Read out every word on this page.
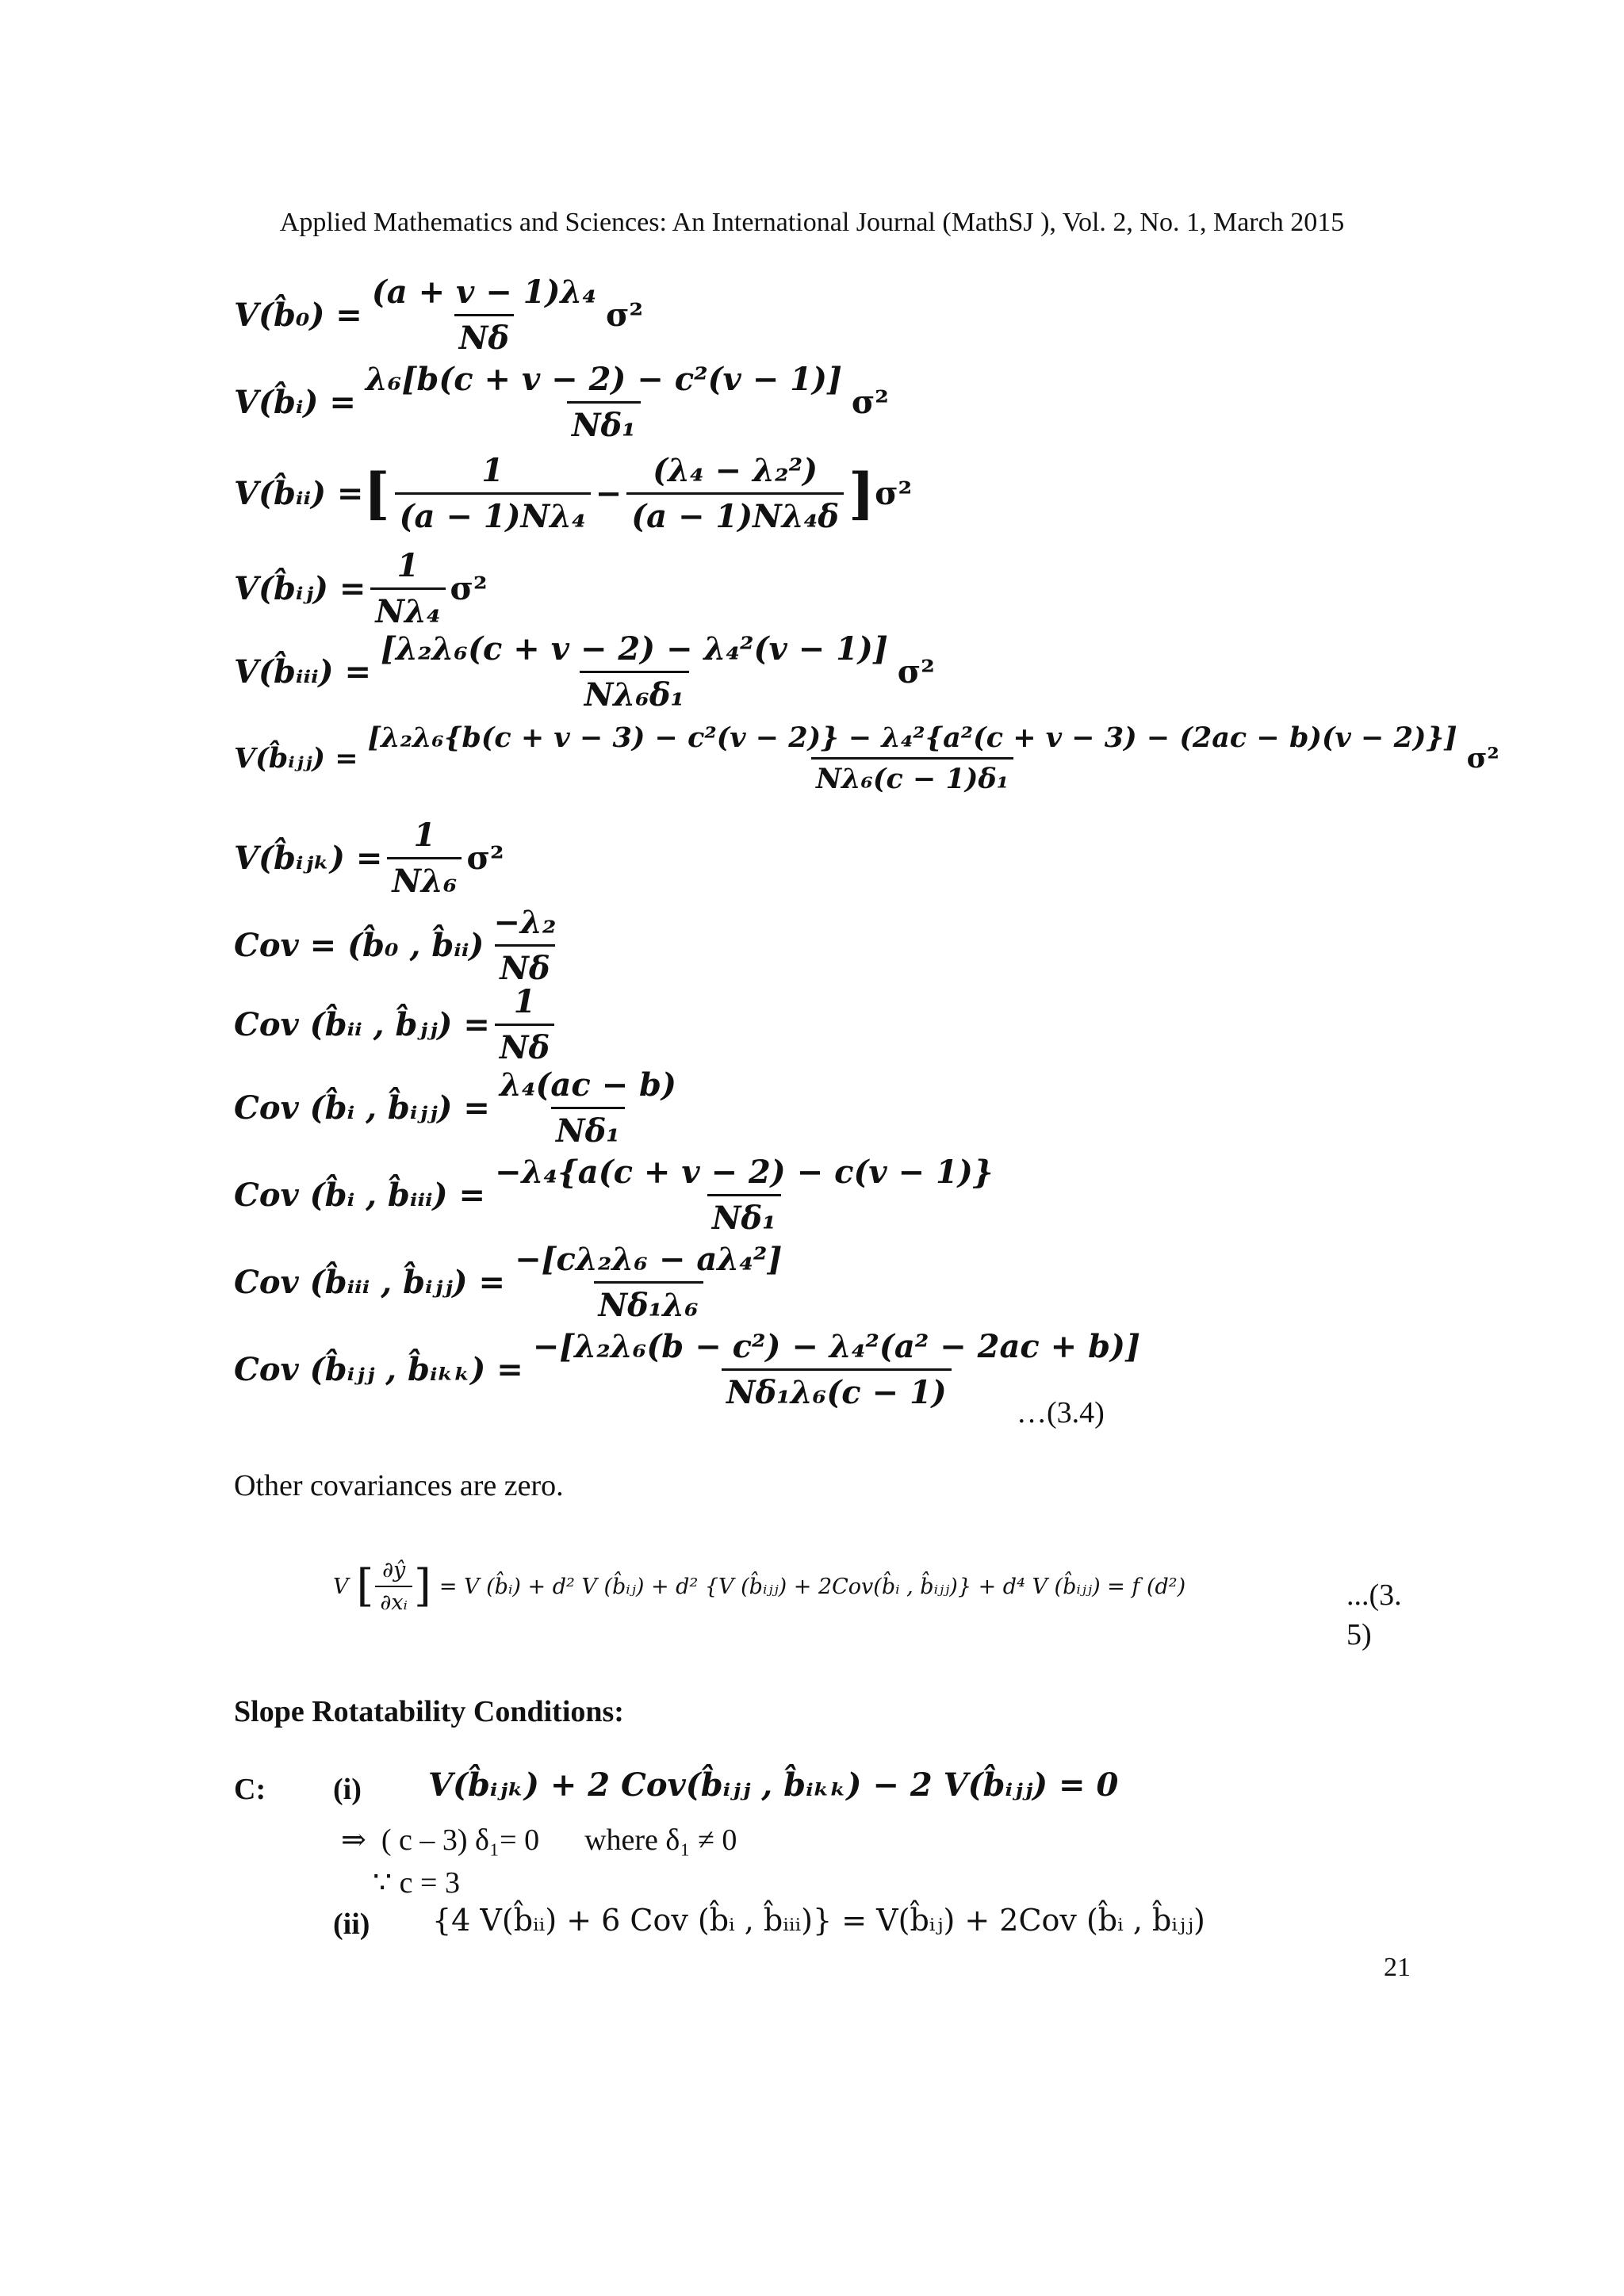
Applied Mathematics and Sciences: An International Journal (MathSJ ), Vol. 2, No. 1, March 2015
V(b̂₀) = $\frac{\text{(a + v − 1)λ₄}}{N\delta} \sigma^2$
V(b̂ᵢ) = $\frac{\text{λ₆[b(c + v − 2) − c²(v − 1)]}}{\text{Nδ₁}} \sigma^2$
V(b̂ᵢᵢ) = [ $\frac{1}{\text{(a − 1)Nλ₄}} - \frac{\text{(λ₄ − λ₂²)}}{\text{(a − 1)Nλ₄δ}}$ ] σ²
V(b̂ᵢⱼ) = $\frac{1}{\text{Nλ₄}} \sigma^2$
V(b̂ᵢᵢᵢ) = $\frac{\text{[λ₂λ₆(c + v − 2) − λ₄²(v − 1)]}}{\text{Nλ₆δ₁}} \sigma^2$
V(b̂ᵢⱼⱼ) =
[λ₂λ₆{b(c + v − 3) − c²(v − 2)} − λ₄²{a²(c + v − 3) − (2ac − b)(v − 2)}]
Nλ₆(c − 1)δ₁
σ²
V(b̂ᵢⱼₖ) = $\frac{1}{\text{Nλ₆}} \sigma^2$
Cov = (b̂₀ , b̂ᵢᵢ) $\frac{\text{−λ₂}}{N\delta}$
Cov (b̂ᵢᵢ , b̂ⱼⱼ) = $\frac{1}{N\delta}$
Cov (b̂ᵢ , b̂ᵢⱼⱼ) = $\frac{\text{λ₄(ac − b)}}{\text{Nδ₁}}$
Cov (b̂ᵢ , b̂ᵢᵢᵢ) = $\frac{\text{−λ₄\{a(c + v − 2) − c(v − 1)\}}}{\text{Nδ₁}}$
Cov (b̂ᵢᵢᵢ , b̂ᵢⱼⱼ) = $\frac{\text{−[cλ₂λ₆ − aλ₄²]}}{\text{Nδ₁λ₆}}$
Cov (b̂ᵢⱼⱼ , b̂ᵢₖₖ) = $\frac{\text{−[λ₂λ₆(b − c²) − λ₄²(a² − 2ac + b)]}}{\text{Nδ₁λ₆(c − 1)}}$
…(3.4)
Other covariances are zero.
V [ $\frac{\partial ŷ}{\text{∂xᵢ}}$ ] = V (b̂ᵢ) + d² V (b̂ᵢⱼ) + d² {V (b̂ᵢⱼⱼ) + 2Cov(b̂ᵢ , b̂ᵢⱼⱼ)} + d⁴ V (b̂ᵢⱼⱼ) = f (d²)	...(3.
5)
Slope Rotatability Conditions:
C: (i) V(b̂ᵢⱼₖ) + 2 Cov(b̂ᵢⱼⱼ , b̂ᵢₖₖ) − 2 V(b̂ᵢⱼⱼ) = 0
⇒  ( c – 3) δ₁= 0      where δ₁ ≠ 0
∵ c = 3
(ii) {4 V(b̂ᵢᵢ) + 6 Cov (b̂ᵢ , b̂ᵢᵢᵢ)} = V(b̂ᵢⱼ) + 2Cov (b̂ᵢ , b̂ᵢⱼⱼ)
21
